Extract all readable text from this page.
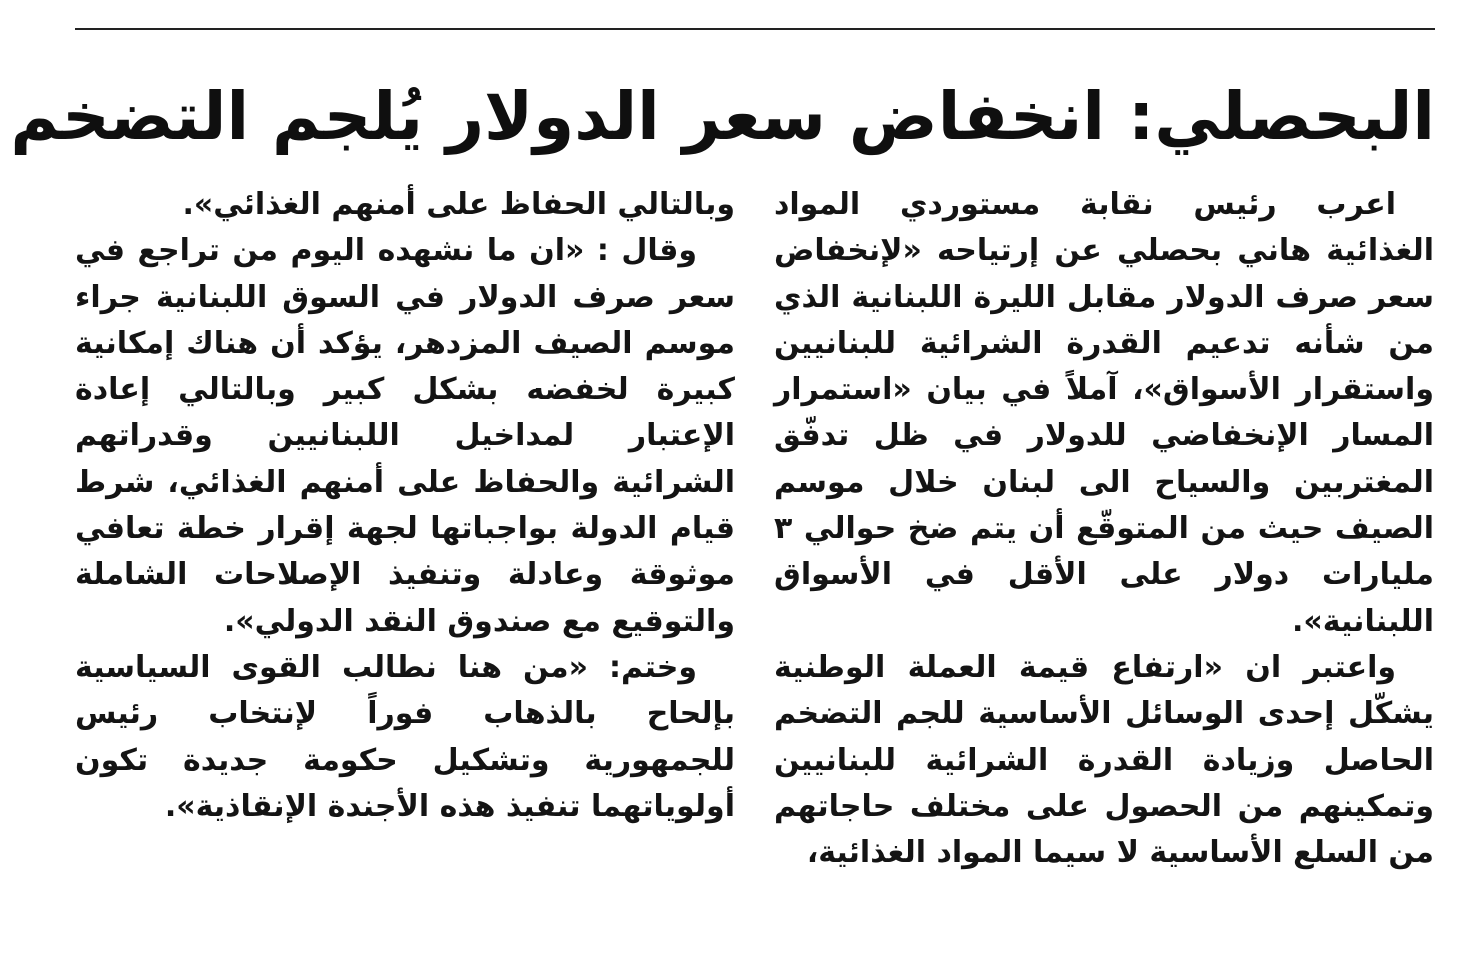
البحصلي: انخفاض سعر الدولار يُلجم التضخم

اعرب رئيس نقابة مستوردي المواد الغذائية هاني بحصلي عن إرتياحه «لإنخفاض سعر صرف الدولار مقابل الليرة اللبنانية الذي من شأنه تدعيم القدرة الشرائية للبنانيين واستقرار الأسواق»، آملاً في بيان «استمرار المسار الإنخفاضي للدولار في ظل تدفّق المغتربين والسياح الى لبنان خلال موسم الصيف حيث من المتوقّع أن يتم ضخ حوالي ٣ مليارات دولار على الأقل في الأسواق اللبنانية».

واعتبر ان «ارتفاع قيمة العملة الوطنية يشكّل إحدى الوسائل الأساسية للجم التضخم الحاصل وزيادة القدرة الشرائية للبنانيين وتمكينهم من الحصول على مختلف حاجاتهم من السلع الأساسية لا سيما المواد الغذائية،

وبالتالي الحفاظ على أمنهم الغذائي».

وقال : «ان ما نشهده اليوم من تراجع في سعر صرف الدولار في السوق اللبنانية جراء موسم الصيف المزدهر، يؤكد أن هناك إمكانية كبيرة لخفضه بشكل كبير وبالتالي إعادة الإعتبار لمداخيل اللبنانيين وقدراتهم الشرائية والحفاظ على أمنهم الغذائي، شرط قيام الدولة بواجباتها لجهة إقرار خطة تعافي موثوقة وعادلة وتنفيذ الإصلاحات الشاملة والتوقيع مع صندوق النقد الدولي».

وختم: «من هنا نطالب القوى السياسية بإلحاح بالذهاب فوراً لإنتخاب رئيس للجمهورية وتشكيل حكومة جديدة تكون أولوياتهما تنفيذ هذه الأجندة الإنقاذية».
